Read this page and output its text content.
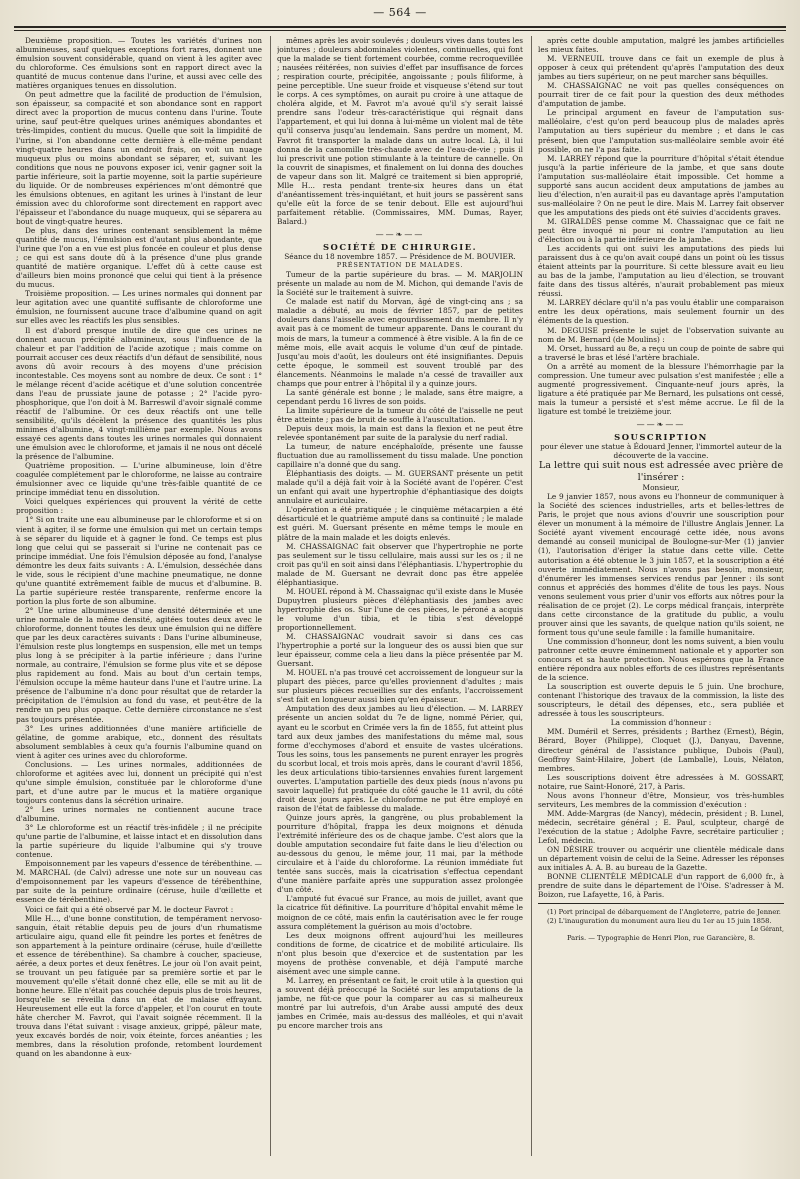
— 564 —

Deuxième proposition. — Toutes les variétés d'urines non albumineuses, sauf quelques exceptions fort rares, donnent une émulsion souvent considérable, quand on vient à les agiter avec du chloroforme. Ces émulsions sont en rapport direct avec la quantité de mucus contenue dans l'urine, et aussi avec celle des matières organiques tenues en dissolution.

On peut admettre que la facilité de production de l'émulsion, son épaisseur, sa compacité et son abondance sont en rapport direct avec la proportion de mucus contenu dans l'urine. Toute urine, sauf peut-être quelques urines anémiques abondantes et très-limpides, contient du mucus. Quelle que soit la limpidité de l'urine, si l'on abandonne cette dernière à elle-même pendant vingt-quatre heures dans un endroit frais, on voit un nuage muqueux plus ou moins abondant se séparer, et, suivant les conditions que nous ne pouvons exposer ici, venir gagner soit la partie inférieure, soit la partie moyenne, soit la partie supérieure du liquide. Or de nombreuses expériences m'ont démontré que les émulsions obtenues, en agitant les urines à l'instant de leur émission avec du chloroforme sont directement en rapport avec l'épaisseur et l'abondance du nuage muqueux, qui se séparera au bout de vingt-quatre heures.

De plus, dans des urines contenant sensiblement la même quantité de mucus, l'émulsion est d'autant plus abondante, que l'urine que l'on a en vue est plus foncée en couleur et plus dense ; ce qui est sans doute dû à la présence d'une plus grande quantité de matière organique. L'effet dû à cette cause est d'ailleurs bien moins prononcé que celui qui tient à la présence du mucus.

Troisième proposition. — Les urines normales qui donnent par leur agitation avec une quantité suffisante de chloroforme une émulsion, ne fournissent aucune trace d'albumine quand on agit sur elles avec les réactifs les plus sensibles.

Il est d'abord presque inutile de dire que ces urines ne donnent aucun précipité albumineux, sous l'influence de la chaleur et par l'addition de l'acide azotique ; mais comme on pourrait accuser ces deux réactifs d'un défaut de sensibilité, nous avons dû avoir recours à des moyens d'une précision incontestable. Ces moyens sont au nombre de deux. Ce sont : 1° le mélange récent d'acide acétique et d'une solution concentrée dans l'eau de prussiate jaune de potasse ; 2° l'acide pyro-phosphorique, que l'on doit à M. Barreswil d'avoir signalé comme réactif de l'albumine. Or ces deux réactifs ont une telle sensibilité, qu'ils décèlent la présence des quantités les plus minimes d'albumine, 4 vingt-millième par exemple. Nous avons essayé ces agents dans toutes les urines normales qui donnaient une émulsion avec le chloroforme, et jamais il ne nous ont décelé la présence de l'albumine.

Quatrième proposition. — L'urine albumineuse, loin d'être coagulée complétement par le chloroforme, ne laisse au contraire émulsionner avec ce liquide qu'une très-faible quantité de ce principe immédiat tenu en dissolution.

Voici quelques expériences qui prouvent la vérité de cette proposition :

1° Si on traite une eau albumineuse par le chloroforme et si on vient à agiter, il se forme une émulsion qui met un certain temps à se séparer du liquide et à gagner le fond. Ce temps est plus long que celui qui se passerait si l'urine ne contenait pas ce principe immédiat. Une fois l'émulsion déposée au fond, l'analyse démontre les deux faits suivants : A. L'émulsion, desséchée dans le vide, sous le récipient d'une machine pneumatique, ne donne qu'une quantité extrêmement faible de mucus et d'albumine. B. La partie supérieure restée transparente, renferme encore la portion la plus forte de son albumine.

2° Une urine albumineuse d'une densité déterminée et une urine normale de la même densité, agitées toutes deux avec le chloroforme, donnent toutes les deux une émulsion qui ne diffère que par les deux caractères suivants : Dans l'urine albumineuse, l'émulsion reste plus longtemps en suspension, elle met un temps plus long à se précipiter à la partie inférieure ; dans l'urine normale, au contraire, l'émulsion se forme plus vite et se dépose plus rapidement au fond. Mais au bout d'un certain temps, l'émulsion occupe la même hauteur dans l'une et l'autre urine. La présence de l'albumine n'a donc pour résultat que de retarder la précipitation de l'émulsion au fond du vase, et peut-être de la rendre un peu plus opaque. Cette dernière circonstance ne s'est pas toujours présentée.

3° Les urines additionnées d'une manière artificielle de gélatine, de gomme arabique, etc., donnent des résultats absolument semblables à ceux qu'a fournis l'albumine quand on vient à agiter ces urines avec du chloroforme.

Conclusions. — Les urines normales, additionnées de chloroforme et agitées avec lui, donnent un précipité qui n'est qu'une simple émulsion, constituée par le chloroforme d'une part, et d'une autre par le mucus et la matière organique toujours contenus dans la sécrétion urinaire.

2° Les urines normales ne contiennent aucune trace d'albumine.

3° Le chloroforme est un réactif très-infidèle ; il ne précipite qu'une partie de l'albumine, et laisse intact et en dissolution dans la partie supérieure du liquide l'albumine qui s'y trouve contenue.

Empoisonnement par les vapeurs d'essence de térébenthine. — M. MARCHAL (de Calvi) adresse une note sur un nouveau cas d'empoisonnement par les vapeurs d'essence de térébenthine, par suite de la peinture ordinaire (céruse, huile d'œillette et essence de térébenthine).

Voici ce fait qui a été observé par M. le docteur Favrot :

Mlle H..., d'une bonne constitution, de tempérament nervoso-sanguin, était rétablie depuis peu de jours d'un rhumatisme articulaire aigu, quand elle fit peindre les portes et fenêtres de son appartement à la peinture ordinaire (céruse, huile d'œillette et essence de térébenthine). Sa chambre à coucher, spacieuse, aérée, a deux portes et deux fenêtres. Le jour où l'on avait peint, se trouvant un peu fatiguée par sa première sortie et par le mouvement qu'elle s'était donné chez elle, elle se mit au lit de bonne heure. Elle n'était pas couchée depuis plus de trois heures, lorsqu'elle se réveilla dans un état de malaise effrayant. Heureusement elle eut la force d'appeler, et l'on courut en toute hâte chercher M. Favrot, qui l'avait soignée récemment. Il la trouva dans l'état suivant : visage anxieux, grippé, pâleur mate, yeux excavés bordés de noir, voix éteinte, forces anéanties ; les membres, dans la résolution profonde, retombent lourdement quand on les abandonne à eux-

mêmes après les avoir soulevés ; douleurs vives dans toutes les jointures ; douleurs abdominales violentes, continuelles, qui font que la malade se tient fortement courbée, comme recroquevillée ; nausées réitérées, non suivies d'effet par insuffisance de forces ; respiration courte, précipitée, angoissante ; pouls filiforme, à peine perceptible. Une sueur froide et visqueuse s'étend sur tout le corps. A ces symptômes, on aurait pu croire à une attaque de choléra algide, et M. Favrot m'a avoué qu'il s'y serait laissé prendre sans l'odeur très-caractéristique qui régnait dans l'appartement, et qui lui donna à lui-même un violent mal de tête qu'il conserva jusqu'au lendemain. Sans perdre un moment, M. Favrot fit transporter la malade dans un autre local. Là, il lui donna de la camomille très-chaude avec de l'eau-de-vie ; puis il lui prescrivit une potion stimulante à la teinture de cannelle. On la couvrit de sinapismes, et finalement on lui donna des douches de vapeur dans son lit. Malgré ce traitement si bien approprié, Mlle H... resta pendant trente-six heures dans un état d'anéantissement très-inquiétant, et huit jours se passèrent sans qu'elle eût la force de se tenir debout. Elle est aujourd'hui parfaitement rétablie. (Commissaires, MM. Dumas, Rayer, Balard.)

——❧——

SOCIÉTÉ DE CHIRURGIE.

Séance du 18 novembre 1857. — Présidence de M. BOUVIER.

PRÉSENTATION DE MALADES.

Tumeur de la partie supérieure du bras. — M. MARJOLIN présente un malade au nom de M. Michon, qui demande l'avis de la Société sur le traitement à suivre.

Ce malade est natif du Morvan, âgé de vingt-cinq ans ; sa maladie a débuté, au mois de février 1857, par de petites douleurs dans l'aisselle avec engourdissement du membre. Il n'y avait pas à ce moment de tumeur apparente. Dans le courant du mois de mars, la tumeur a commencé à être visible. A la fin de ce même mois, elle avait acquis le volume d'un œuf de pintade. Jusqu'au mois d'août, les douleurs ont été insignifiantes. Depuis cette époque, le sommeil est souvent troublé par des élancements. Néanmoins le malade n'a cessé de travailler aux champs que pour entrer à l'hôpital il y a quinze jours.

La santé générale est bonne ; le malade, sans être maigre, a cependant perdu 16 livres de son poids.

La limite supérieure de la tumeur du côté de l'aisselle ne peut être atteinte ; pas de bruit de souffle à l'auscultation.

Depuis deux mois, la main est dans la flexion et ne peut être relevée spontanément par suite de la paralysie du nerf radial.

La tumeur, de nature encéphaloïde, présente une fausse fluctuation due au ramollissement du tissu malade. Une ponction capillaire n'a donné que du sang.

Éléphantiasis des doigts. — M. GUERSANT présente un petit malade qu'il a déjà fait voir à la Société avant de l'opérer. C'est un enfant qui avait une hypertrophie d'éphantiasique des doigts annulaire et auriculaire.

L'opération a été pratiquée ; le cinquième métacarpien a été désarticulé et le quatrième amputé dans sa continuité ; le malade est guéri. M. Guersant présente en même temps le moule en plâtre de la main malade et les doigts enlevés.

M. CHASSAIGNAC fait observer que l'hypertrophie ne porte pas seulement sur le tissu cellulaire, mais aussi sur les os ; il ne croit pas qu'il en soit ainsi dans l'éléphantiasis. L'hypertrophie du malade de M. Guersant ne devrait donc pas être appelée éléphantiasique.

M. HOUEL répond à M. Chassaignac qu'il existe dans le Musée Dupuytren plusieurs pièces d'éléphantiasis des jambes avec hypertrophie des os. Sur l'une de ces pièces, le péroné a acquis le volume d'un tibia, et le tibia s'est développé proportionnellement.

M. CHASSAIGNAC voudrait savoir si dans ces cas l'hypertrophie a porté sur la longueur des os aussi bien que sur leur épaisseur, comme cela a lieu dans la pièce présentée par M. Guersant.

M. HOUEL n'a pas trouvé cet accroissement de longueur sur la plupart des pièces, parce qu'elles proviennent d'adultes ; mais sur plusieurs pièces recueillies sur des enfants, l'accroissement s'est fait en longueur aussi bien qu'en épaisseur.

Amputation des deux jambes au lieu d'élection. — M. LARREY présente un ancien soldat du 7e de ligne, nommé Périer, qui, ayant eu le scorbut en Crimée vers la fin de 1855, fut atteint plus tard aux deux jambes des manifestations du même mal, sous forme d'ecchymoses d'abord et ensuite de vastes ulcérations. Tous les soins, tous les pansements ne purent enrayer les progrès du scorbut local, et trois mois après, dans le courant d'avril 1856, les deux articulations tibio-tarsiennes envahies furent largement ouvertes. L'amputation partielle des deux pieds (nous n'avons pu savoir laquelle) fut pratiquée du côté gauche le 11 avril, du côté droit deux jours après. Le chloroforme ne put être employé en raison de l'état de faiblesse du malade.

Quinze jours après, la gangrène, ou plus probablement la pourriture d'hôpital, frappa les deux moignons et dénuda l'extrémité inférieure des os de chaque jambe. C'est alors que la double amputation secondaire fut faite dans le lieu d'élection ou au-dessous du genou, le même jour, 11 mai, par la méthode circulaire et à l'aide du chloroforme. La réunion immédiate fut tentée sans succès, mais la cicatrisation s'effectua cependant d'une manière parfaite après une suppuration assez prolongée d'un côté.

L'amputé fut évacué sur France, au mois de juillet, avant que la cicatrice fût définitive. La pourriture d'hôpital envahit même le moignon de ce côté, mais enfin la cautérisation avec le fer rouge assura complétement la guérison au mois d'octobre.

Les deux moignons offrent aujourd'hui les meilleures conditions de forme, de cicatrice et de mobilité articulaire. Ils n'ont plus besoin que d'exercice et de sustentation par les moyens de prothèse convenable, et déjà l'amputé marche aisément avec une simple canne.

M. Larrey, en présentant ce fait, le croit utile à la question qui a souvent déjà préoccupé la Société sur les amputations de la jambe, ne fût-ce que pour la comparer au cas si malheureux montré par lui autrefois, d'un Arabe aussi amputé des deux jambes en Crimée, mais au-dessus des malléoles, et qui n'avait pu encore marcher trois ans

après cette double amputation, malgré les jambes artificielles les mieux faites.

M. VERNEUIL trouve dans ce fait un exemple de plus à opposer à ceux qui prétendent qu'après l'amputation des deux jambes au tiers supérieur, on ne peut marcher sans béquilles.

M. CHASSAIGNAC ne voit pas quelles conséquences on pourrait tirer de ce fait pour la question des deux méthodes d'amputation de jambe.

Le principal argument en faveur de l'amputation sus-malléolaire, c'est qu'on perd beaucoup plus de malades après l'amputation au tiers supérieur du membre ; et dans le cas présent, bien que l'amputation sus-malléolaire semble avoir été possible, on ne l'a pas faite.

M. LARREY répond que la pourriture d'hôpital s'était étendue jusqu'à la partie inférieure de la jambe, et que sans doute l'amputation sus-malléolaire était impossible. Cet homme a supporté sans aucun accident deux amputations de jambes au lieu d'élection, n'en aurait-il pas eu davantage après l'amputation sus-malléolaire ? On ne peut le dire. Mais M. Larrey fait observer que les amputations des pieds ont été suivies d'accidents graves.

M. GIRALDÈS pense comme M. Chassaignac que ce fait ne peut être invoqué ni pour ni contre l'amputation au lieu d'élection ou à la partie inférieure de la jambe.

Les accidents qui ont suivi les amputations des pieds lui paraissent dus à ce qu'on avait coupé dans un point où les tissus étaient atteints par la pourriture. Si cette blessure avait eu lieu au bas de la jambe, l'amputation au lieu d'élection, se trouvant faite dans des tissus altérés, n'aurait probablement pas mieux réussi.

M. LARREY déclare qu'il n'a pas voulu établir une comparaison entre les deux opérations, mais seulement fournir un des éléments de la question.

M. DEGUISE présente le sujet de l'observation suivante au nom de M. Bernard (de Moulins) :

M. Orset, hussard au 8e, a reçu un coup de pointe de sabre qui a traversé le bras et lésé l'artère brachiale.

On a arrêté au moment de la blessure l'hémorrhagie par la compression. Une tumeur avec pulsation s'est manifestée ; elle a augmenté progressivement. Cinquante-neuf jours après, la ligature a été pratiquée par Me Bernard, les pulsations ont cessé, mais la tumeur a persisté et s'est même accrue. Le fil de la ligature est tombé le treizième jour.

——❧——

SOUSCRIPTION

pour élever une statue à Édouard Jenner, l'immortel auteur de la découverte de la vaccine.

La lettre qui suit nous est adressée avec prière de l'insérer :

Monsieur,

Le 9 janvier 1857, nous avons eu l'honneur de communiquer à la Société des sciences industrielles, arts et belles-lettres de Paris, le projet que nous avions d'ouvrir une souscription pour élever un monument à la mémoire de l'illustre Anglais Jenner. La Société ayant vivement encouragé cette idée, nous avons demandé au conseil municipal de Boulogne-sur-Mer (1) janvier (1), l'autorisation d'ériger la statue dans cette ville. Cette autorisation a été obtenue le 3 juin 1857, et la souscription a été ouverte immédiatement. Nous n'avons pas besoin, monsieur, d'énumérer les immenses services rendus par Jenner : ils sont connus et appréciés des hommes d'élite de tous les pays. Nous venons seulement vous prier d'unir vos efforts aux nôtres pour la réalisation de ce projet (2). Le corps médical français, interprète dans cette circonstance de la gratitude du public, a voulu prouver ainsi que les savants, de quelque nation qu'ils soient, ne forment tous qu'une seule famille : la famille humanitaire.

Une commission d'honneur, dont les noms suivent, a bien voulu patronner cette œuvre éminemment nationale et y apporter son concours et sa haute protection. Nous espérons que la France entière répondra aux nobles efforts de ces illustres représentants de la science.

La souscription est ouverte depuis le 5 juin. Une brochure, contenant l'historique des travaux de la commission, la liste des souscripteurs, le détail des dépenses, etc., sera publiée et adressée à tous les souscripteurs.

La commission d'honneur :

MM. Duméril et Serres, présidents ; Barthez (Ernest), Bégin, Bérard, Boyer (Philippe), Cloquet (J.), Danyau, Davenne, directeur général de l'assistance publique, Dubois (Paul), Geoffroy Saint-Hilaire, Jobert (de Lamballe), Louis, Nélaton, membres.

Les souscriptions doivent être adressées à M. GOSSART, notaire, rue Saint-Honoré, 217, à Paris.

Nous avons l'honneur d'être, Monsieur, vos très-humbles serviteurs, Les membres de la commission d'exécution :

MM. Adde-Margras (de Nancy), médecin, président ; B. Lunel, médecin, secrétaire général ; E. Paul, sculpteur, chargé de l'exécution de la statue ; Adolphe Favre, secrétaire particulier ; Lefol, médecin.

ON DÉSIRE trouver ou acquérir une clientèle médicale dans un département voisin de celui de la Seine. Adresser les réponses aux initiales A. A. B. au bureau de la Gazette.

BONNE CLIENTÈLE MÉDICALE d'un rapport de 6,000 fr., à prendre de suite dans le département de l'Oise. S'adresser à M. Boizon, rue Lafayette, 16, à Paris.

(1) Port principal de débarquement de l'Angleterre, patrie de Jenner.

(2) L'inauguration du monument aura lieu du 1er au 15 juin 1858.

Le Gérant,

Paris. — Typographie de Henri Plon, rue Garancière, 8.
